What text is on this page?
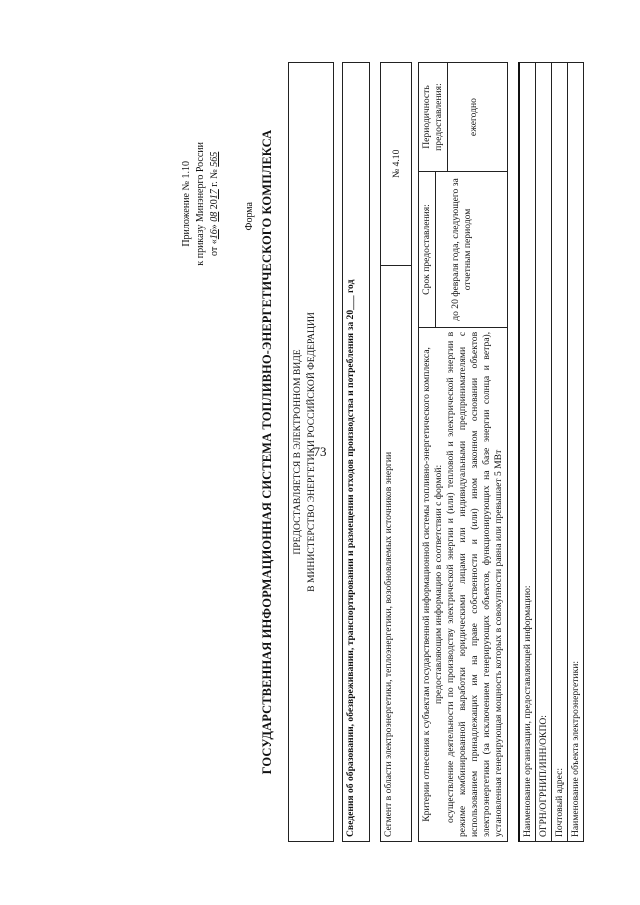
73
Приложение № 1.10 к приказу Минэнерго России от «16» 08 2017 г. № 565
Форма ГОСУДАРСТВЕННАЯ ИНФОРМАЦИОННАЯ СИСТЕМА ТОПЛИВНО-ЭНЕРГЕТИЧЕСКОГО КОМПЛЕКСА ПРЕДОСТАВЛЯЕТСЯ В ЭЛЕКТРОННОМ ВИДЕ В МИНИСТЕРСТВО ЭНЕРГЕТИКИ РОССИЙСКОЙ ФЕДЕРАЦИИ	Сведения об образовании, обезвреживании, транспортировании и размещении отходов производства и потребления за 20___ год	Сегмент в области электроэнергетики, теплоэнергетики, возобновляемых источников энергии	№ 4.10
Критерии отнесения к субъектам государственной информационной системы топливно-энергетического комплекса, предоставляющим информацию в соответствии с формой: осуществление деятельности по производству электрической энергии и (или) тепловой и электрической энергии в режиме комбинированной выработки юридическими лицами или индивидуальными предпринимателями с использованием принадлежащих им на праве собственности и (или) ином законном основании объектов электроэнергетики (за исключением генерирующих объектов, функционирующих на базе энергии солнца и ветра), установленная генерирующая мощность которых в совокупности равна или превышает 5 МВт

Срок предоставления:	до 20 февраля года, следующего за отчетным периодом

Периодичность предоставления:	ежегодно
Наименование организации, предоставляющей информацию:
ОГРН/ОГРНИП/ИНН/ОКПО:
Почтовый адрес:
Наименование объекта электроэнергетики:
